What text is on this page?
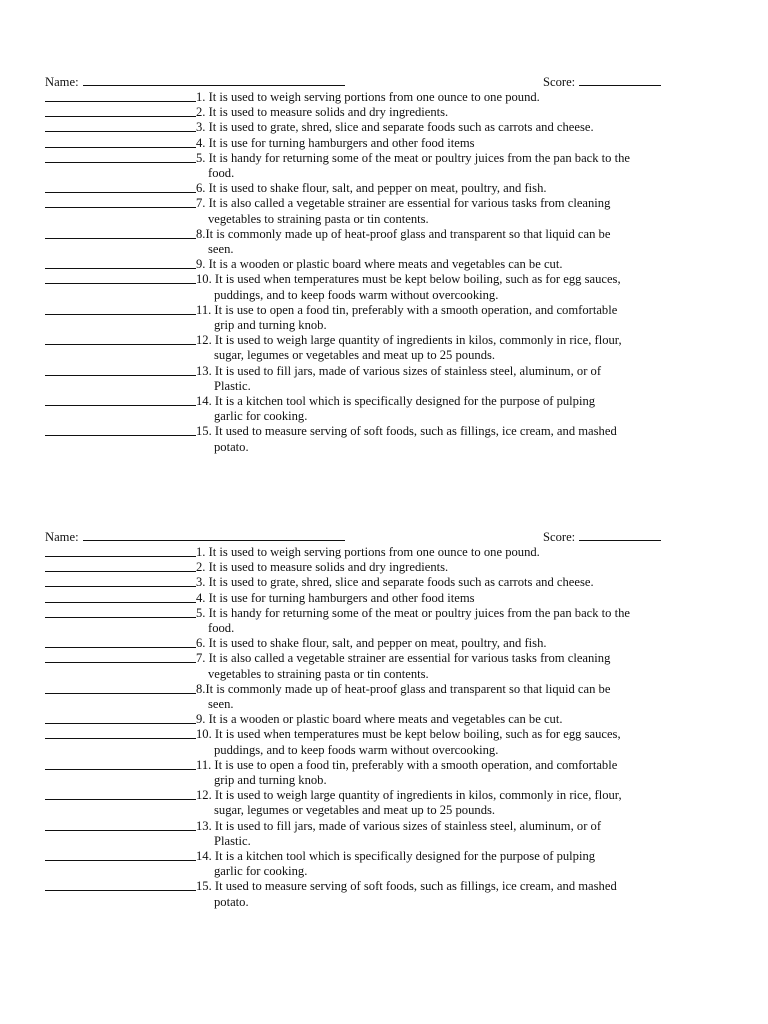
Name:	Score:
1. It is used to weigh serving portions from one ounce to one pound.
2. It is used to measure solids and dry ingredients.
3. It is used to grate, shred, slice and separate foods such as carrots and cheese.
4. It is use for turning hamburgers and other food items
5. It is handy for returning some of the meat or poultry juices from the pan back to the
food.
6. It is used to shake flour, salt, and pepper on meat, poultry, and fish.
7. It is also called a vegetable strainer are essential for various tasks from cleaning
vegetables to straining pasta or tin contents.
8.It is commonly made up of heat-proof glass and transparent so that liquid can be
seen.
9. It is a wooden or plastic board where meats and vegetables can be cut.
10. It is used when temperatures must be kept below boiling, such as for egg sauces,
puddings, and to keep foods warm without overcooking.
11. It is use to open a food tin, preferably with a smooth operation, and comfortable
grip and turning knob.
12. It is used to weigh large quantity of ingredients in kilos, commonly in rice, flour,
sugar, legumes or vegetables and meat up to 25 pounds.
13. It is used to fill jars, made of various sizes of stainless steel, aluminum, or of
Plastic.
14. It is a kitchen tool which is specifically designed for the purpose of pulping
garlic for cooking.
15. It used to measure serving of soft foods, such as fillings, ice cream, and mashed
potato.
Name:	Score:
1. It is used to weigh serving portions from one ounce to one pound.
2. It is used to measure solids and dry ingredients.
3. It is used to grate, shred, slice and separate foods such as carrots and cheese.
4. It is use for turning hamburgers and other food items
5. It is handy for returning some of the meat or poultry juices from the pan back to the
food.
6. It is used to shake flour, salt, and pepper on meat, poultry, and fish.
7. It is also called a vegetable strainer are essential for various tasks from cleaning
vegetables to straining pasta or tin contents.
8.It is commonly made up of heat-proof glass and transparent so that liquid can be
seen.
9. It is a wooden or plastic board where meats and vegetables can be cut.
10. It is used when temperatures must be kept below boiling, such as for egg sauces,
puddings, and to keep foods warm without overcooking.
11. It is use to open a food tin, preferably with a smooth operation, and comfortable
grip and turning knob.
12. It is used to weigh large quantity of ingredients in kilos, commonly in rice, flour,
sugar, legumes or vegetables and meat up to 25 pounds.
13. It is used to fill jars, made of various sizes of stainless steel, aluminum, or of
Plastic.
14. It is a kitchen tool which is specifically designed for the purpose of pulping
garlic for cooking.
15. It used to measure serving of soft foods, such as fillings, ice cream, and mashed
potato.
